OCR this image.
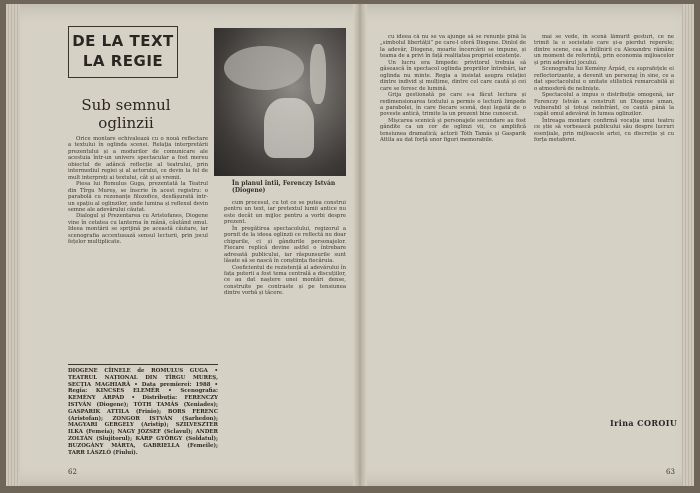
DE LA TEXT
LA REGIE
Sub semnul
oglinzii

Orice montare echivalează cu o nouă reflectare a textului în oglinda scenei. Relaţia interpretării prezentului și a modurilor de comunicare ale acestuia într-un univers spectacular a fost mereu obiectul de adâncă reflecție al teatrului, prin intermediul regiei și al actorului, ce devin la fel de mult interpreți ai textului, cât și ai vremii.

Piesa lui Romulus Guga, prezentată la Teatrul din Tîrgu Mureș, se înscrie în acest registru: o parabolă cu rezonanțe filozofice, desfășurată într-un spațiu al oglinzilor, unde lumina și reflexul devin semne ale adevărului căutat.

Dialogul și Prezentarea cu Aristofanes, Diogene vine în cetatea cu lanterna în mână, căutând omul. Ideea montării se sprijină pe această căutare, iar scenografia accentuează sensul lecturii, prin jocul fețelor multiplicate.

În planul întîi, Ferenczy István (Diogene)

cum procesul, cu tot ce se putea construi pentru un text, iar pretextul lumii antice nu este decât un mijloc pentru a vorbi despre prezent.

În pregătirea spectacolului, regizorul a pornit de la ideea oglinzii ce reflectă nu doar chipurile, ci și gândurile personajelor. Fiecare replică devine astfel o întrebare adresată publicului, iar răspunsurile sunt lăsate să se nască în conștiința fiecăruia.

Coeficientul de rezistență al adevărului în fața puterii a fost tema centrală a discuțiilor, ce au dat naștere unei montări dense, construite pe contraste și pe tensiunea dintre vorbă și tăcere.

DIOGENE CÎINELE de ROMULUS GUGA • TEATRUL NAȚIONAL DIN TÎRGU MUREȘ, SECȚIA MAGHIARĂ • Data premierei: 1988 • Regia: KINCSES ELEMÉR • Scenografia: KEMÉNY ÁRPÁD • Distribuția: FERENCZY ISTVÁN (Diogene); TÓTH TAMÁS (Xeniades); GASPARIK ATTILA (Frinio); BORS FERENC (Aristofan); ZONGOR ISTVÁN (Sarhedon); MAGYARI GERGELY (Aristip); SZILVESZTER ILKA (Femeia); NAGY JÓZSEF (Sclavul); ANDER ZOLTÁN (Slujitorul); KÁRP GYÖRGY (Soldatul); BUZOGÁNY MÁRTA, GABRIELLA (Femeile); TARR LÁSZLÓ (Fiului).
62

cu ideea că nu se va ajunge să se renunțe pînă la „simbolul libertății” pe care-l oferă Diogene. Dinlol de la adevăr, Diogene, moarte încercării se impune, și teama de a privi în față realitatea propriei existențe.

Un lucru era limpede: privitorul trebuia să găsească în spectacol oglinda propriilor întrebări, iar oglinda nu minte. Regia a insistat asupra relației dintre individ și mulțime, dintre cel care caută și cei care se feresc de lumină.

Grija gestionată pe care s-a făcut lectura și redimensionarea textului a permis o lectură limpede a parabolei, în care fiecare scenă, deși legată de o poveste antică, trimite la un prezent bine cunoscut.

Mișcarea scenică și personajele secundare au fost gândite ca un cor de oglinzi vii, ce amplifică tensiunea dramatică; actorii Tóth Tamás și Gasparik Attila au dat forță unor figuri memorabile.

mai se vede, în scenă lămurit gesturi, ce ne trimit la o societate care și-a pierdut reperele; dintre scene, cea a întîlnirii cu Alexandru rămâne un moment de referință, prin economia mijloacelor și prin adevărul jocului.

Scenografia lui Kemény Árpád, cu suprafețele ei reflectorizante, a devenit un personaj în sine, ce a dat spectacolului o unitate stilistică remarcabilă și o atmosferă de neliniște.

Spectacolul a impus o distribuție omogenă, iar Ferenczy István a construit un Diogene uman, vulnerabil și totuși neînfrânt, ce caută până la capăt omul adevărat în lumea oglinzilor.

Întreaga montare confirmă vocația unui teatru ce știe să vorbească publicului său despre lucruri esențiale, prin mijloacele artei, cu discreție și cu forța metaforei.

Irina COROIU
63
